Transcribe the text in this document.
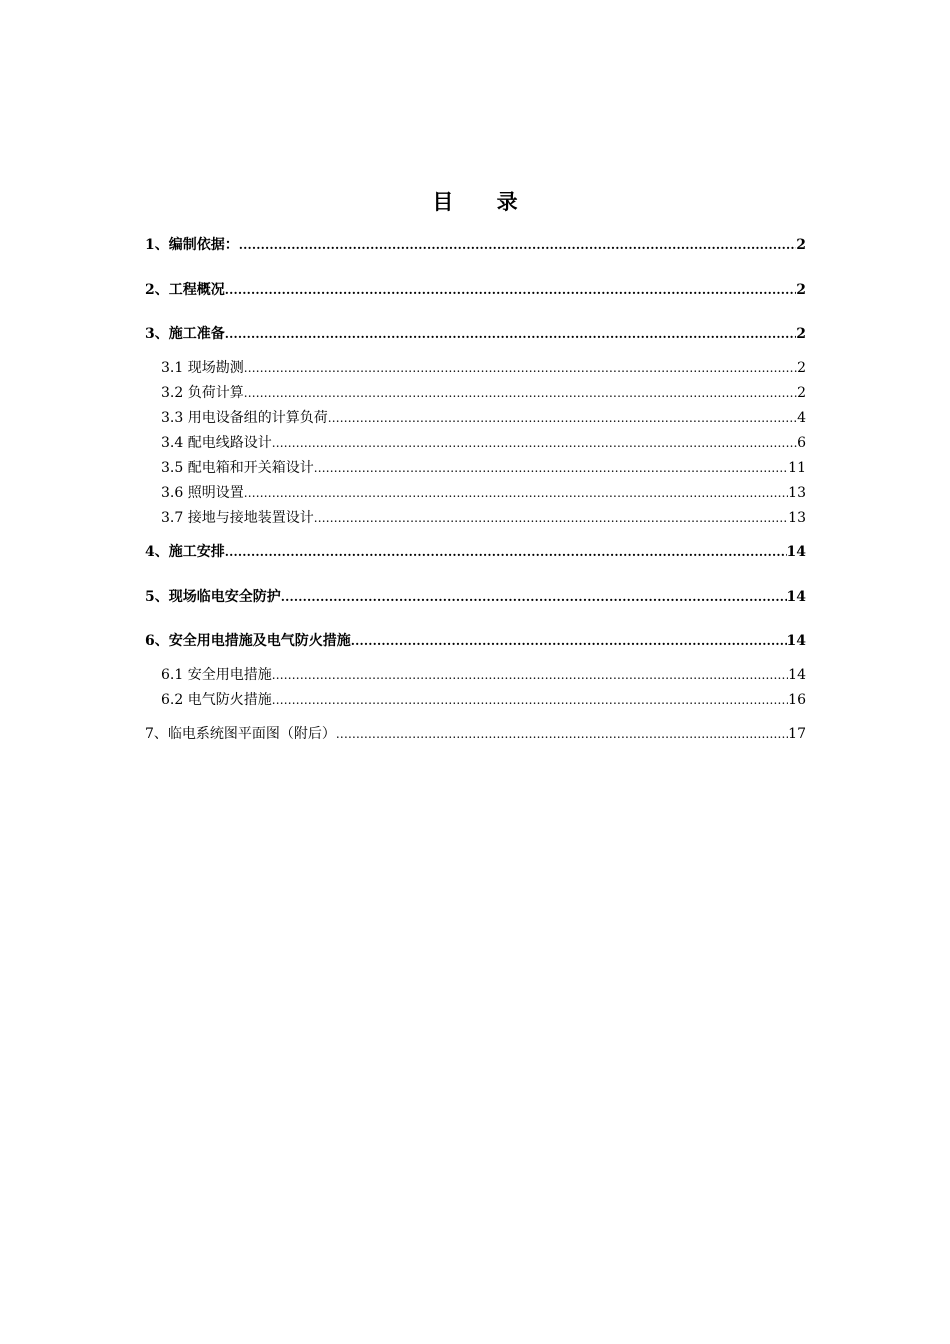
目 录
1、编制依据： .....	2
2、工程概况 .....	2
3、施工准备 .....	2
3.1 现场勘测 .....	2
3.2 负荷计算 .....	2
3.3 用电设备组的计算负荷 .....	4
3.4 配电线路设计 .....	6
3.5 配电箱和开关箱设计 .....	11
3.6 照明设置 .....	13
3.7 接地与接地装置设计 .....	13
4、施工安排 .....	14
5、现场临电安全防护 .....	14
6、安全用电措施及电气防火措施 .....	14
6.1 安全用电措施 .....	14
6.2 电气防火措施 .....	16
7、临电系统图平面图（附后） .....	17
